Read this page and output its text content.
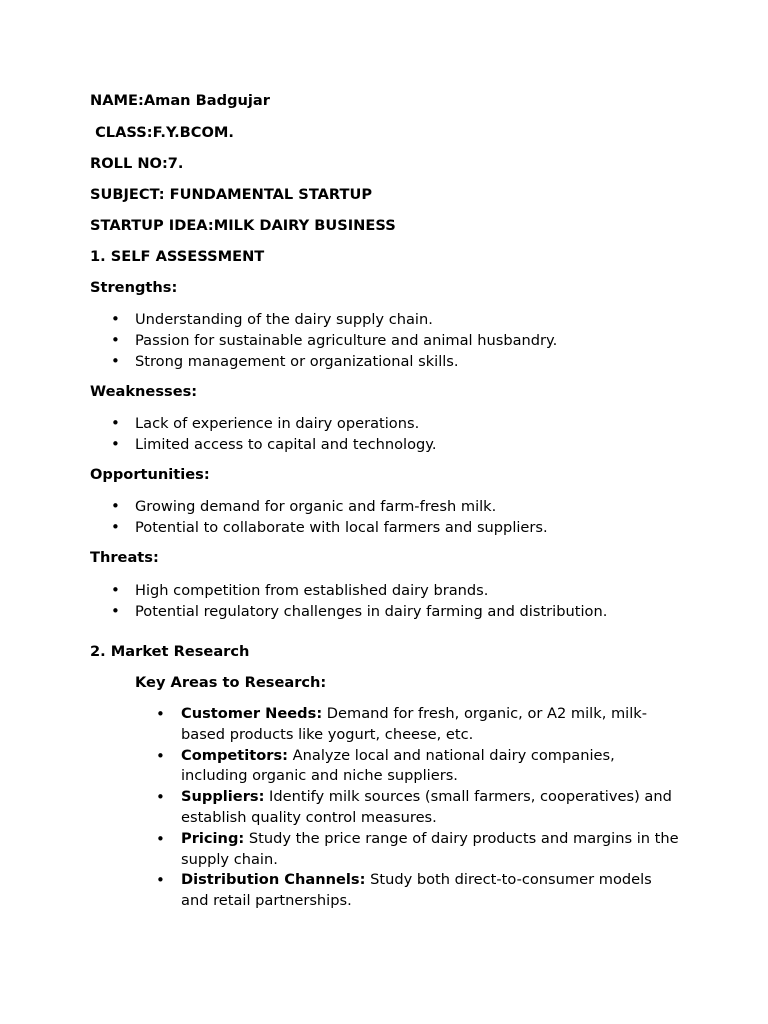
NAME:Aman Badgujar
CLASS:F.Y.BCOM.
ROLL NO:7.
SUBJECT: FUNDAMENTAL STARTUP
STARTUP IDEA:MILK DAIRY BUSINESS
1. SELF ASSESSMENT
Strengths:
• Understanding of the dairy supply chain.
• Passion for sustainable agriculture and animal husbandry.
• Strong management or organizational skills.
Weaknesses:
• Lack of experience in dairy operations.
• Limited access to capital and technology.
Opportunities:
• Growing demand for organic and farm-fresh milk.
• Potential to collaborate with local farmers and suppliers.
Threats:
• High competition from established dairy brands.
• Potential regulatory challenges in dairy farming and distribution.
2. Market Research
Key Areas to Research:
• Customer Needs: Demand for fresh, organic, or A2 milk, milk-based products like yogurt, cheese, etc.
• Competitors: Analyze local and national dairy companies, including organic and niche suppliers.
• Suppliers: Identify milk sources (small farmers, cooperatives) and establish quality control measures.
• Pricing: Study the price range of dairy products and margins in the supply chain.
• Distribution Channels: Study both direct-to-consumer models and retail partnerships.
